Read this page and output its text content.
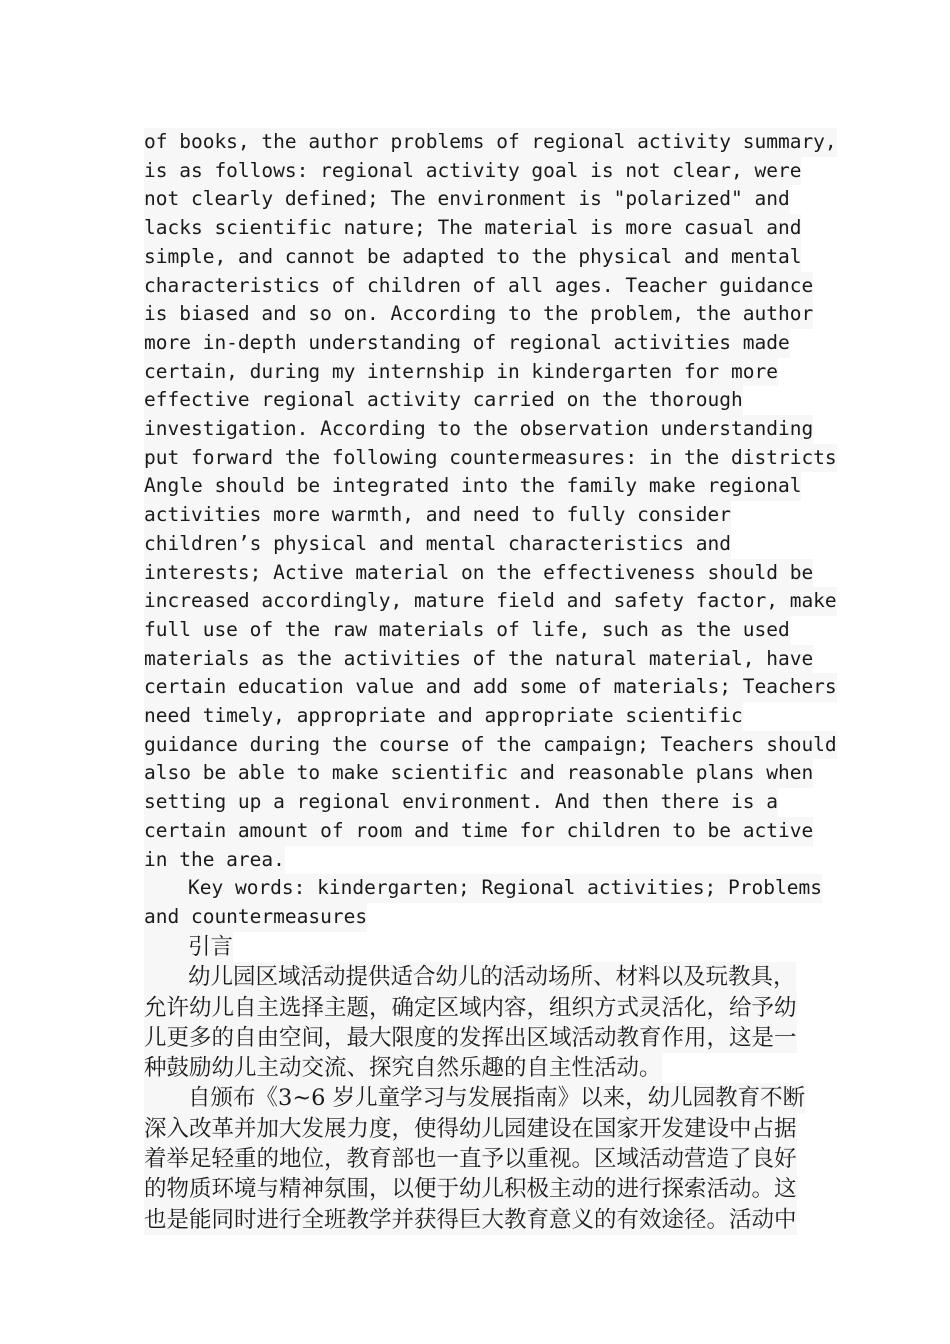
of books, the author problems of regional activity summary,
is as follows: regional activity goal is not clear, were
not clearly defined; The environment is "polarized" and
lacks scientific nature; The material is more casual and
simple, and cannot be adapted to the physical and mental
characteristics of children of all ages. Teacher guidance
is biased and so on. According to the problem, the author
more in-depth understanding of regional activities made
certain, during my internship in kindergarten for more
effective regional activity carried on the thorough
investigation. According to the observation understanding
put forward the following countermeasures: in the districts
Angle should be integrated into the family make regional
activities more warmth, and need to fully consider
children’s physical and mental characteristics and
interests; Active material on the effectiveness should be
increased accordingly, mature field and safety factor, make
full use of the raw materials of life, such as the used
materials as the activities of the natural material, have
certain education value and add some of materials; Teachers
need timely, appropriate and appropriate scientific
guidance during the course of the campaign; Teachers should
also be able to make scientific and reasonable plans when
setting up a regional environment. And then there is a
certain amount of room and time for children to be active
in the area.
Key words: kindergarten; Regional activities; Problems
and countermeasures
引言
幼儿园区域活动提供适合幼儿的活动场所、材料以及玩教具，
允许幼儿自主选择主题，确定区域内容，组织方式灵活化，给予幼
儿更多的自由空间，最大限度的发挥出区域活动教育作用，这是一
种鼓励幼儿主动交流、探究自然乐趣的自主性活动。
自颁布《3~6 岁儿童学习与发展指南》以来，幼儿园教育不断
深入改革并加大发展力度，使得幼儿园建设在国家开发建设中占据
着举足轻重的地位，教育部也一直予以重视。区域活动营造了良好
的物质环境与精神氛围，以便于幼儿积极主动的进行探索活动。这
也是能同时进行全班教学并获得巨大教育意义的有效途径。活动中
